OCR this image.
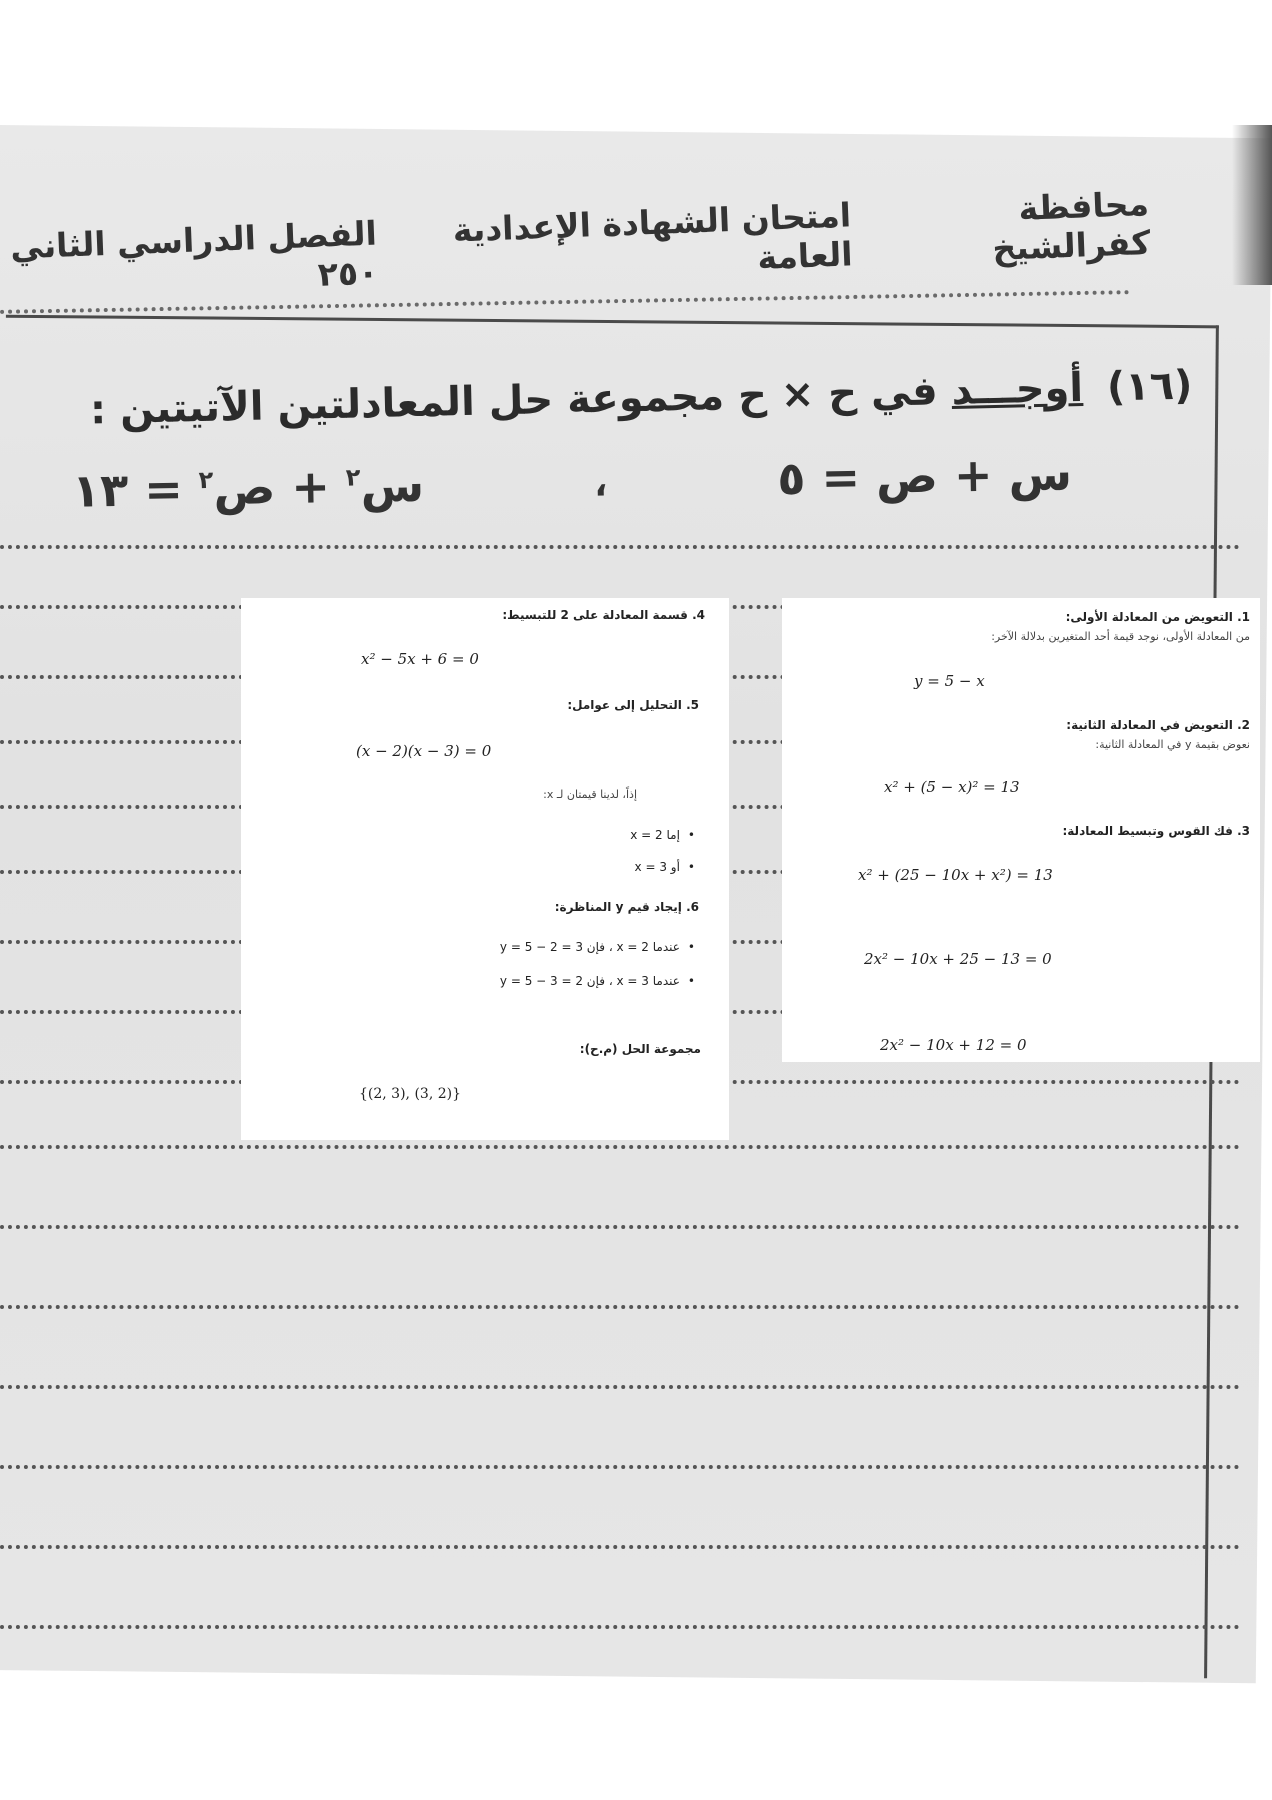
محافظة كفرالشيخ
امتحان الشهادة الإعدادية العامة
الفصل الدراسي الثاني ٢٥٠
(١٦) أوجـــد في ح × ح مجموعة حل المعادلتين الآتيتين :
س + ص = ٥
،
س$^٢$ + ص$^٢$ = ١٣
1. التعويض من المعادلة الأولى:
من المعادلة الأولى، نوجد قيمة أحد المتغيرين بدلالة الآخر:
y = 5 − x
2. التعويض في المعادلة الثانية:
نعوض بقيمة y في المعادلة الثانية:
x² + (5 − x)² = 13
3. فك القوس وتبسيط المعادلة:
x² + (25 − 10x + x²) = 13
2x² − 10x + 25 − 13 = 0
2x² − 10x + 12 = 0
4. قسمة المعادلة على 2 للتبسيط:
x² − 5x + 6 = 0
5. التحليل إلى عوامل:
(x − 2)(x − 3) = 0
إذاً، لدينا قيمتان لـ x:
• إما x = 2
• أو x = 3
6. إيجاد قيم y المناظرة:
• عندما x = 2 ، فإن y = 5 − 2 = 3
• عندما x = 3 ، فإن y = 5 − 3 = 2
مجموعة الحل (م.ح):
{(2, 3), (3, 2)}
